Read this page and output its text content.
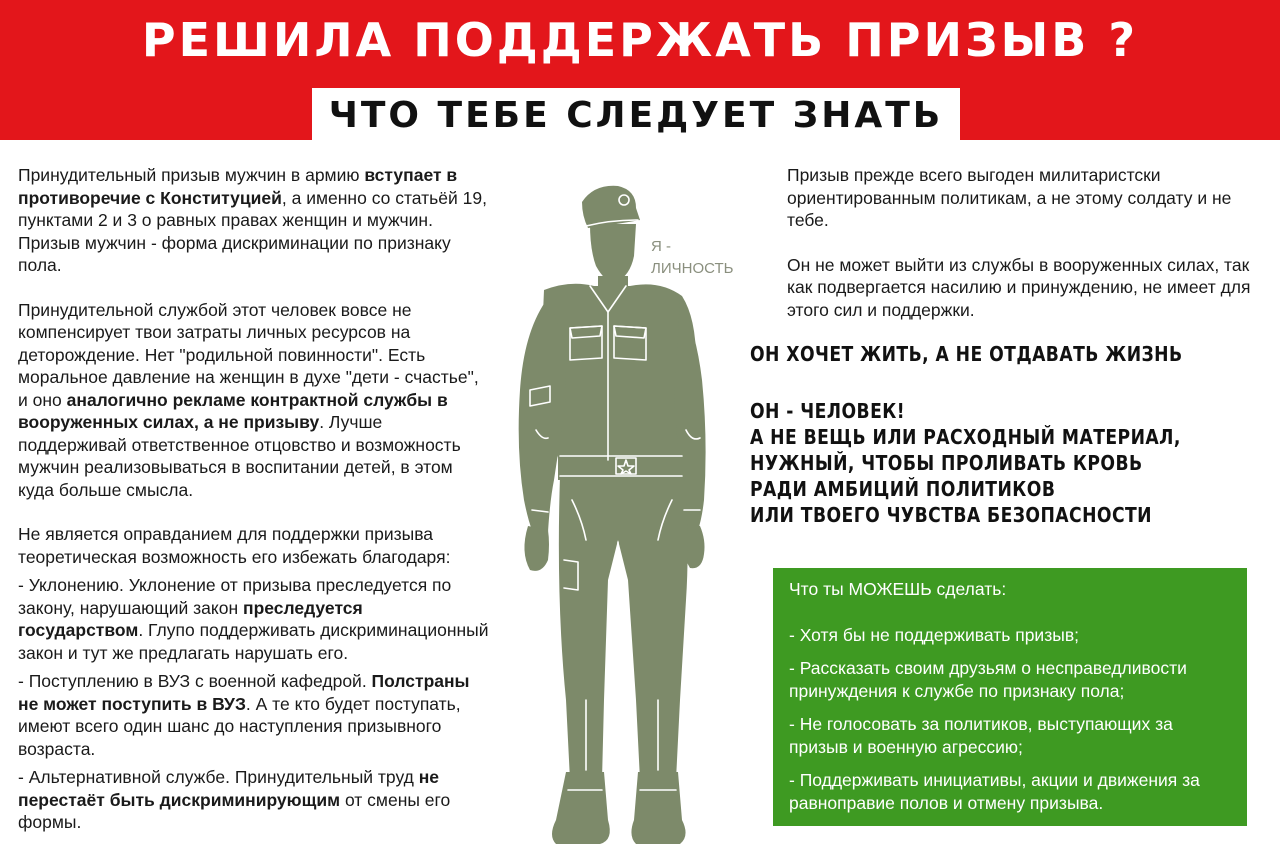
РЕШИЛА ПОДДЕРЖАТЬ ПРИЗЫВ ?
ЧТО ТЕБЕ СЛЕДУЕТ ЗНАТЬ

Принудительный призыв мужчин в армию вступает в противоречие с Конституцией, а именно со статьёй 19, пунктами 2 и 3 о равных правах женщин и мужчин. Призыв мужчин - форма дискриминации по признаку пола.

Принудительной службой этот человек вовсе не компенсирует твои затраты личных ресурсов на деторождение. Нет "родильной повинности". Есть моральное давление на женщин в духе "дети - счастье", и оно аналогично рекламе контрактной службы в вооруженных силах, а не призыву. Лучше поддерживай ответственное отцовство и возможность мужчин реализовываться в воспитании детей, в этом куда больше смысла.

Не является оправданием для поддержки призыва теоретическая возможность его избежать благодаря:

- Уклонению. Уклонение от призыва преследуется по закону, нарушающий закон преследуется государством. Глупо поддерживать дискриминационный закон и тут же предлагать нарушать его.

- Поступлению в ВУЗ с военной кафедрой. Полстраны не может поступить в ВУЗ. А те кто будет поступать, имеют всего один шанс до наступления призывного возраста.

- Альтернативной службе. Принудительный труд не перестаёт быть дискриминирующим от смены его формы.

Я -
ЛИЧНОСТЬ

Призыв прежде всего выгоден милитаристски ориентированным политикам, а не этому солдату и не тебе.

Он не может выйти из службы в вооруженных силах, так как подвергается насилию и принуждению, не имеет для этого сил и поддержки.

ОН ХОЧЕТ ЖИТЬ, А НЕ ОТДАВАТЬ ЖИЗНЬ
ОН - ЧЕЛОВЕК!
А НЕ ВЕЩЬ ИЛИ РАСХОДНЫЙ МАТЕРИАЛ,
НУЖНЫЙ, ЧТОБЫ ПРОЛИВАТЬ КРОВЬ
РАДИ АМБИЦИЙ ПОЛИТИКОВ
ИЛИ ТВОЕГО ЧУВСТВА БЕЗОПАСНОСТИ
Что ты МОЖЕШЬ сделать:
- Хотя бы не поддерживать призыв;
- Рассказать своим друзьям о несправедливости принуждения к службе по признаку пола;
- Не голосовать за политиков, выступающих за призыв и военную агрессию;
- Поддерживать инициативы, акции и движения за равноправие полов и отмену призыва.
